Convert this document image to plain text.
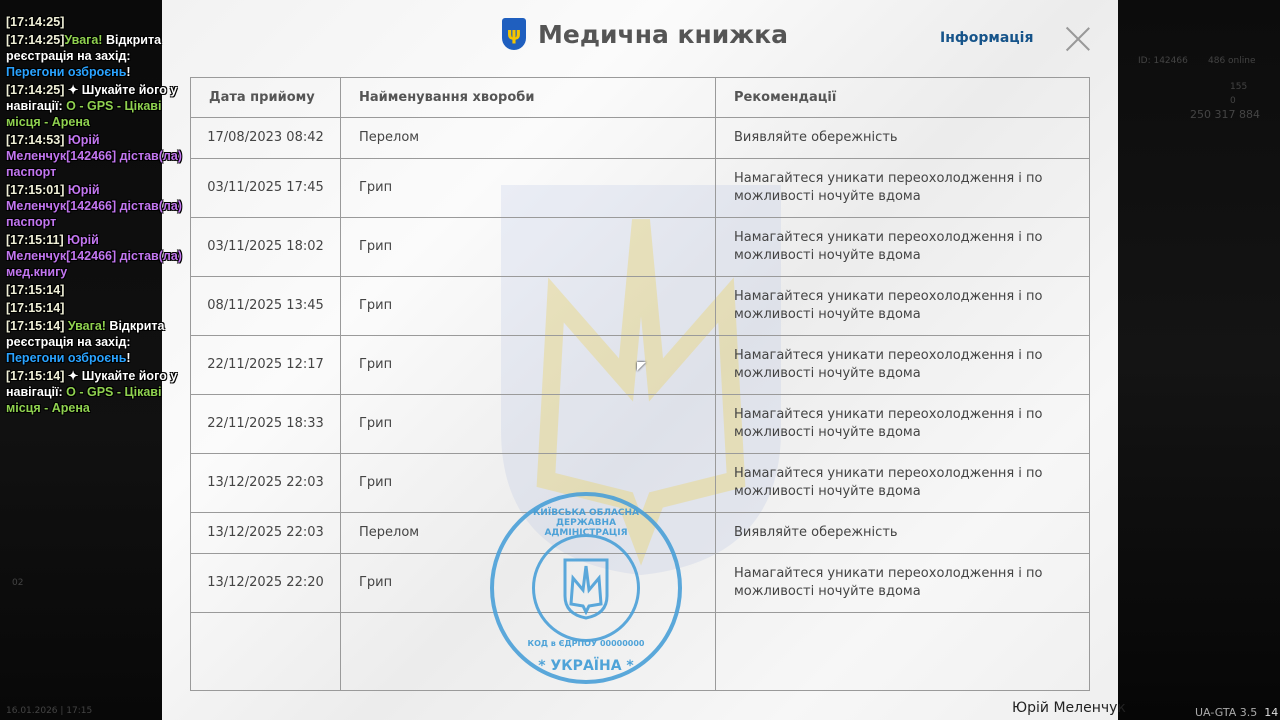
02
16.01.2026 | 17:15
ID: 142466 486 online
155
0
250 317 884
ψ Медична книжка	Інформація
Дата прийому	Найменування хвороби	Рекомендації
17/08/2023 08:42	Перелом	Виявляйте обережність
03/11/2025 17:45	Грип	Намагайтеся уникати переохолодження і по можливості ночуйте вдома
03/11/2025 18:02	Грип	Намагайтеся уникати переохолодження і по можливості ночуйте вдома
08/11/2025 13:45	Грип	Намагайтеся уникати переохолодження і по можливості ночуйте вдома
22/11/2025 12:17	Грип	Намагайтеся уникати переохолодження і по можливості ночуйте вдома
22/11/2025 18:33	Грип	Намагайтеся уникати переохолодження і по можливості ночуйте вдома
13/12/2025 22:03	Грип	Намагайтеся уникати переохолодження і по можливості ночуйте вдома
13/12/2025 22:03	Перелом	Виявляйте обережність
13/12/2025 22:20	Грип	Намагайтеся уникати переохолодження і по можливості ночуйте вдома

КИЇВСЬКА ОБЛАСНА ДЕРЖАВНА АДМІНІСТРАЦІЯ
КОД в ЄДРПОУ 00000000
* УКРАЇНА *
Юрій Меленчук	UA-GTA 3.5 14
[17:14:25]
[17:14:25]Увага! Відкрита реєстрація на захід: Перегони озброєнь!
[17:14:25] ✦ Шукайте його у навігації: O - GPS - Цікаві місця - Арена
[17:14:53] Юрій Меленчук[142466] дістав(ла) паспорт
[17:15:01] Юрій Меленчук[142466] дістав(ла) паспорт
[17:15:11] Юрій Меленчук[142466] дістав(ла) мед.книгу
[17:15:14]
[17:15:14]
[17:15:14] Увага! Відкрита реєстрація на захід: Перегони озброєнь!
[17:15:14] ✦ Шукайте його у навігації: O - GPS - Цікаві місця - Арена
